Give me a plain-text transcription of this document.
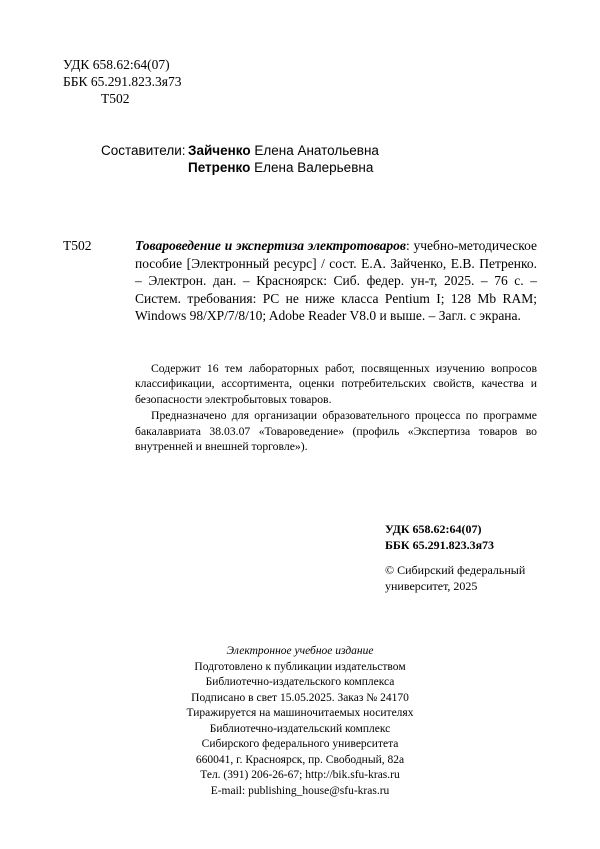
УДК 658.62:64(07)
ББК 65.291.823.3я73
Т502
Составители: Зайченко Елена Анатольевна
Петренко Елена Валерьевна
Т502	Товароведение и экспертиза электротоваров: учебно-методическое пособие [Электронный ресурс] / сост. Е.А. Зайченко, Е.В. Петренко. – Электрон. дан. – Красноярск: Сиб. федер. ун-т, 2025. – 76 с. – Систем. требования: PC не ниже класса Pentium I; 128 Mb RAM; Windows 98/XP/7/8/10; Adobe Reader V8.0 и выше. – Загл. с экрана.

Содержит 16 тем лабораторных работ, посвященных изучению вопросов классификации, ассортимента, оценки потребительских свойств, качества и безопасности электробытовых товаров.

Предназначено для организации образовательного процесса по программе бакалавриата 38.03.07 «Товароведение» (профиль «Экспертиза товаров во внутренней и внешней торговле»).

УДК 658.62:64(07)
ББК 65.291.823.3я73
© Сибирский федеральный
университет, 2025
Электронное учебное издание
Подготовлено к публикации издательством
Библиотечно-издательского комплекса
Подписано в свет 15.05.2025. Заказ № 24170
Тиражируется на машиночитаемых носителях
Библиотечно-издательский комплекс
Сибирского федерального университета
660041, г. Красноярск, пр. Свободный, 82а
Тел. (391) 206-26-67; http://bik.sfu-kras.ru
E-mail: publishing_house@sfu-kras.ru
